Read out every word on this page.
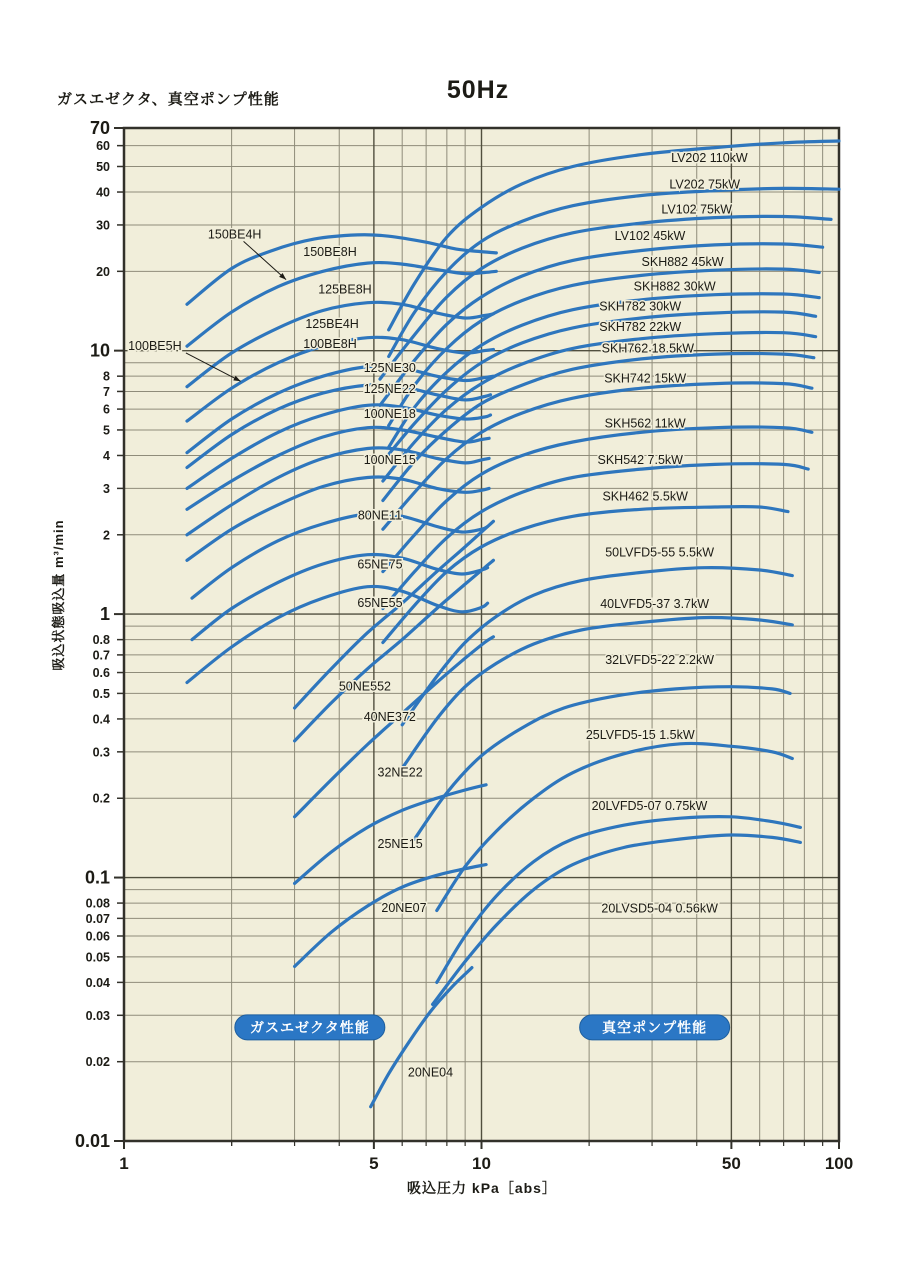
ガスエゼクタ、真空ポンプ性能	50Hz
吸込状態吸込量 m³/min
吸込圧力 kPa［abs］
70
60
50
40
30
20
10
8
7
6
5
4
3
2
1
0.8
0.7
0.6
0.5
0.4
0.3
0.2
0.1
0.08
0.07
0.06
0.05
0.04
0.03
0.02
0.01
1	5	10	50	100
150BE8H
125BE8H
125BE4H
100BE8H
125NE30
125NE22
100NE18
100NE15
80NE11
65NE75
65NE55
50NE552
40NE372
32NE22
25NE15
20NE07
20NE04
LV202 110kW
LV202 75kW
LV102 75kW
LV102 45kW
SKH882 45kW
SKH882 30kW
SKH782 30kW
SKH782 22kW
SKH762 18.5kW
SKH742 15kW
SKH562 11kW
SKH542 7.5kW
SKH462 5.5kW
50LVFD5-55 5.5kW
40LVFD5-37 3.7kW
32LVFD5-22 2.2kW
25LVFD5-15 1.5kW
20LVFD5-07 0.75kW
20LVSD5-04 0.56kW
150BE4H
100BE5H
ガスエゼクタ性能	真空ポンプ性能
